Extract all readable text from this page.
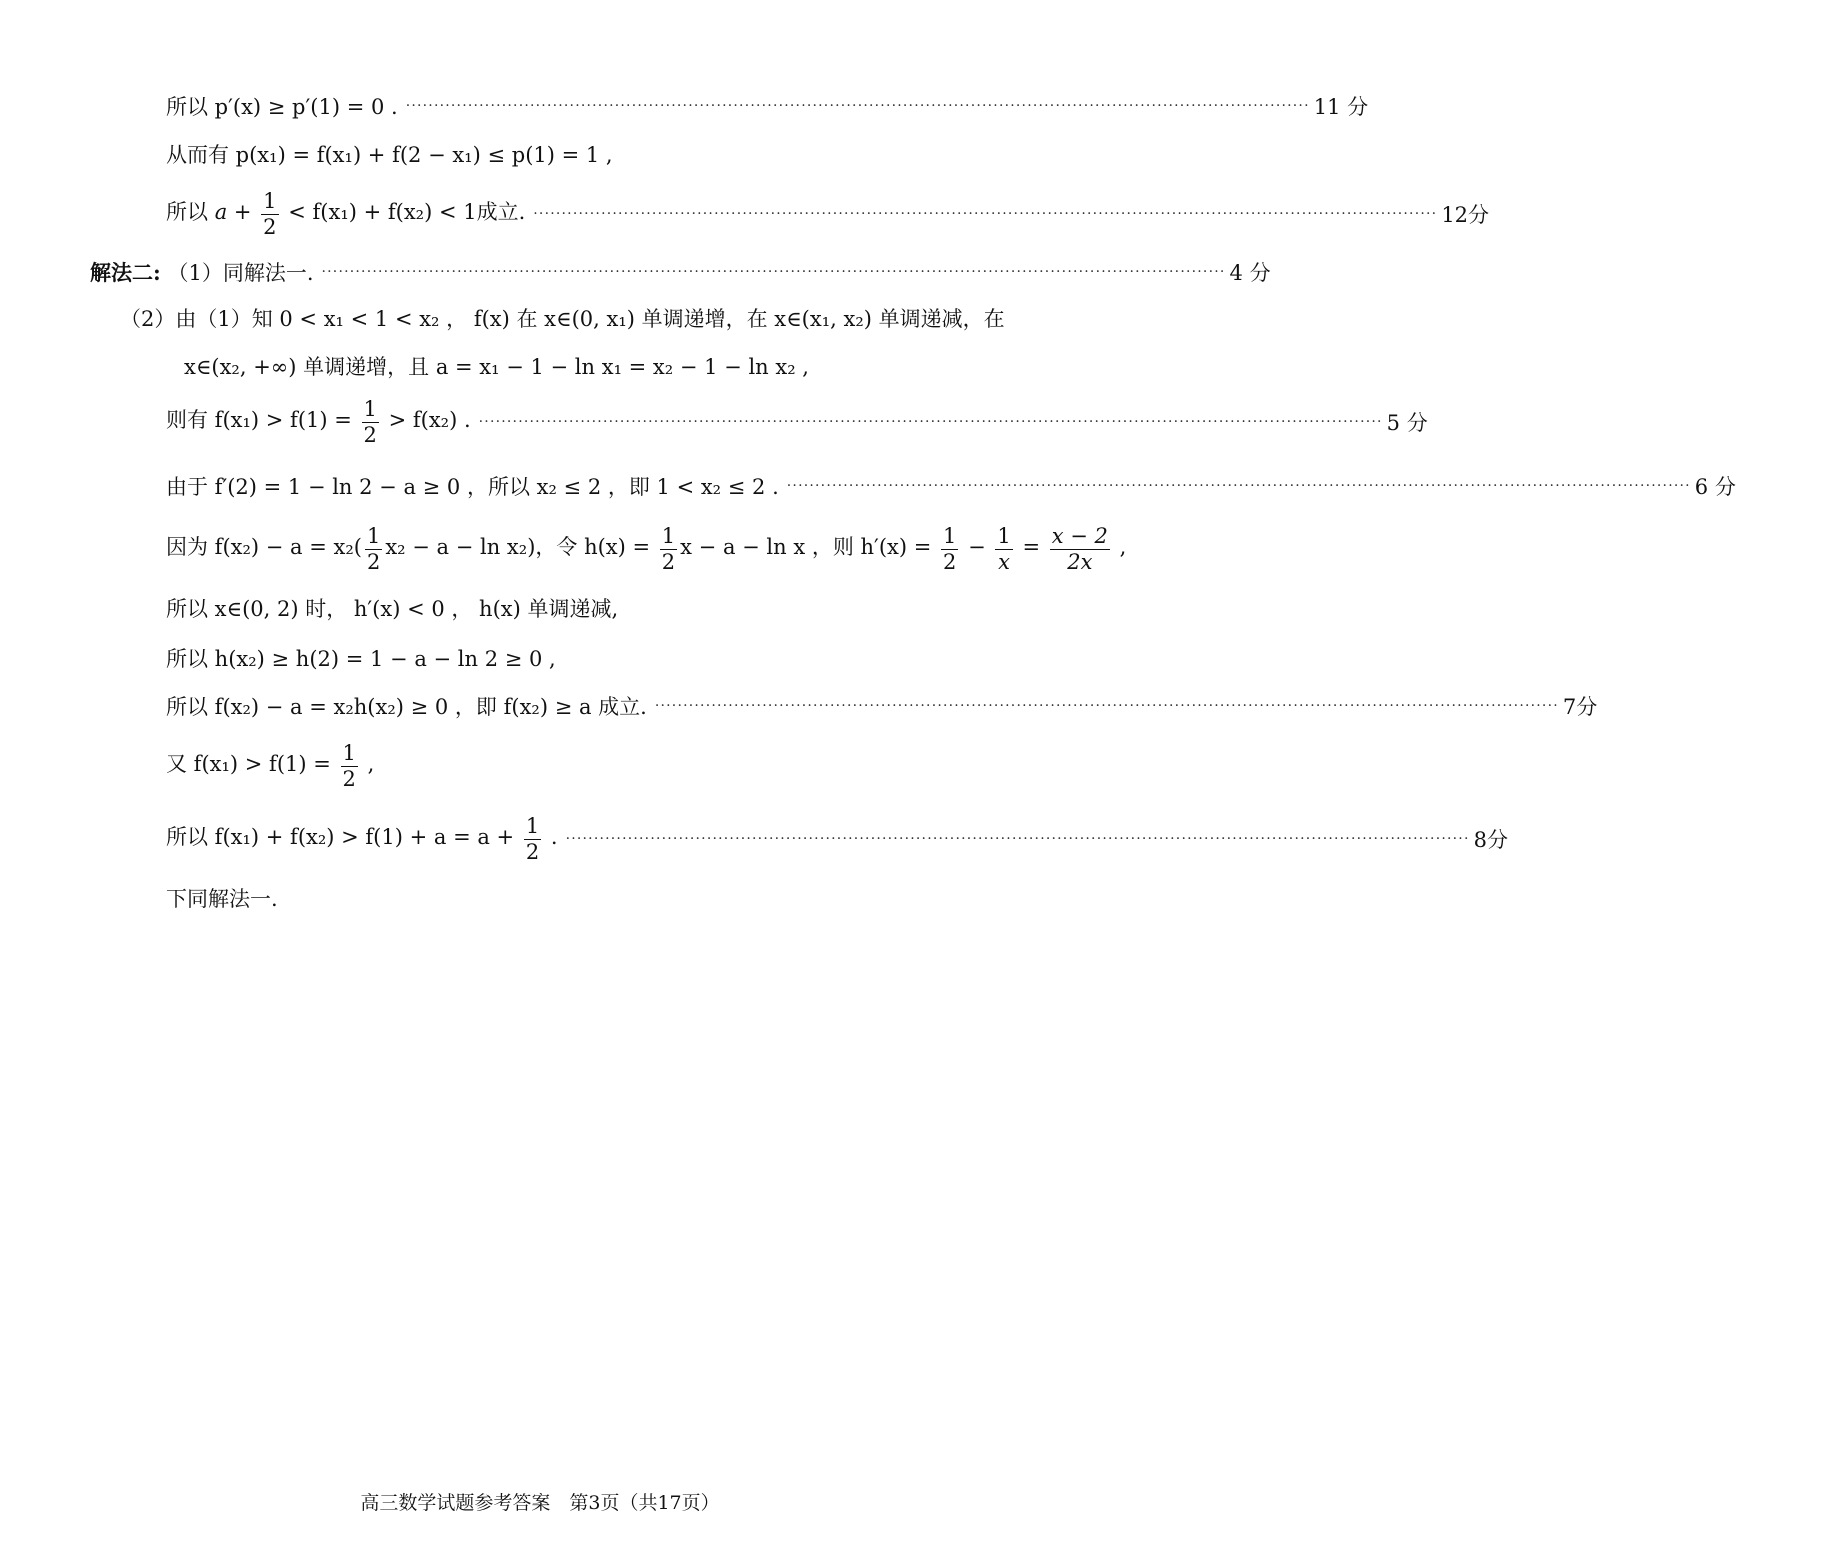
所以 p′(x) ≥ p′(1) = 0 . ·····	11 分
从而有 p(x₁) = f(x₁) + f(2 − x₁) ≤ p(1) = 1 ,
所以 $a + \frac{1}{2} < f(x_1) + f(x_2) < 1$成立. ·····	12分
解法二: （1）同解法一. ·····	4 分
（2）由（1）知 0 < x₁ < 1 < x₂ ， f(x) 在 x∈(0, x₁) 单调递增，在 x∈(x₁, x₂) 单调递减，在
x∈(x₂, +∞) 单调递增，且 a = x₁ − 1 − ln x₁ = x₂ − 1 − ln x₂ ,
则有 $f(x_1) > f(1) = \frac{1}{2} > f(x_2)$ . ·····	5 分
由于 f′(2) = 1 − ln 2 − a ≥ 0 ，所以 x₂ ≤ 2 ，即 1 < x₂ ≤ 2 . ·····	6 分
因为 $f(x_2) - a = x_2( \frac{1}{2} x_2 - a - \ln x_2)$，令 $h(x) = \frac{1}{2}$ x − a − ln x ，则 $h'(x) = \frac{1}{2} - \frac{1}{x} = \frac{x - 2}{2x}$ ,
所以 x∈(0, 2) 时， h′(x) < 0 ， h(x) 单调递减,
所以 h(x₂) ≥ h(2) = 1 − a − ln 2 ≥ 0 ,
所以 f(x₂) − a = x₂h(x₂) ≥ 0 ，即 f(x₂) ≥ a 成立. ·····	7分
又 $f(x_1) > f(1) = \frac{1}{2}$ ,
所以 $f(x_1) + f(x_2) > f(1) + a = a + \frac{1}{2}$ . ·····	8分
下同解法一.
高三数学试题参考答案　第3页（共17页）
